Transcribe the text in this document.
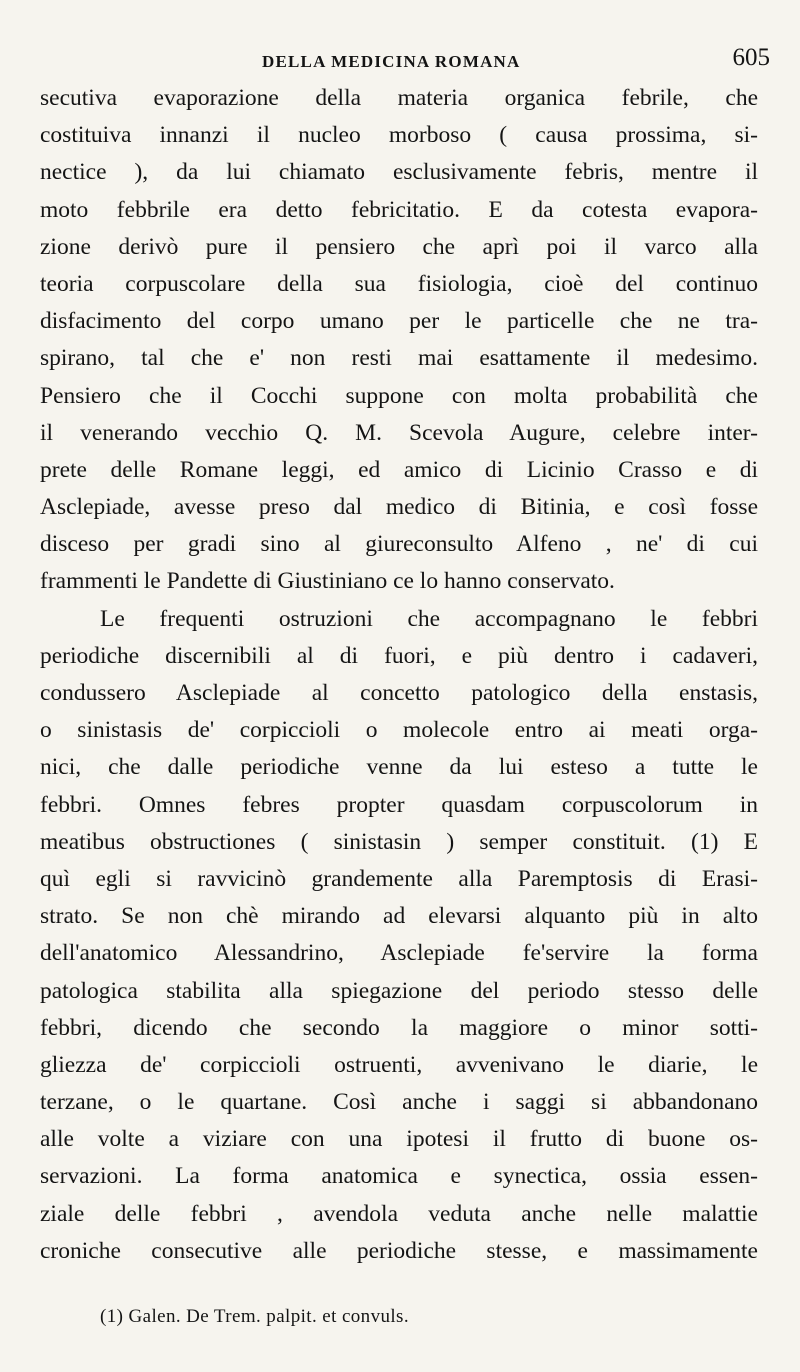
DELLA MEDICINA ROMANA	605
secutiva evaporazione della materia organica febrile, che
costituiva innanzi il nucleo morboso ( causa prossima, si-
nectice ), da lui chiamato esclusivamente febris, mentre il
moto febbrile era detto febricitatio. E da cotesta evapora-
zione derivò pure il pensiero che aprì poi il varco alla
teoria corpuscolare della sua fisiologia, cioè del continuo
disfacimento del corpo umano per le particelle che ne tra-
spirano, tal che e' non resti mai esattamente il medesimo.
Pensiero che il Cocchi suppone con molta probabilità che
il venerando vecchio Q. M. Scevola Augure, celebre inter-
prete delle Romane leggi, ed amico di Licinio Crasso e di
Asclepiade, avesse preso dal medico di Bitinia, e così fosse
disceso per gradi sino al giureconsulto Alfeno , ne' di cui
frammenti le Pandette di Giustiniano ce lo hanno conservato.
Le frequenti ostruzioni che accompagnano le febbri
periodiche discernibili al di fuori, e più dentro i cadaveri,
condussero Asclepiade al concetto patologico della enstasis,
o sinistasis de' corpiccioli o molecole entro ai meati orga-
nici, che dalle periodiche venne da lui esteso a tutte le
febbri. Omnes febres propter quasdam corpuscolorum in
meatibus obstructiones ( sinistasin ) semper constituit. (1) E
quì egli si ravvicinò grandemente alla Paremptosis di Erasi-
strato. Se non chè mirando ad elevarsi alquanto più in alto
dell'anatomico Alessandrino, Asclepiade fe'servire la forma
patologica stabilita alla spiegazione del periodo stesso delle
febbri, dicendo che secondo la maggiore o minor sotti-
gliezza de' corpiccioli ostruenti, avvenivano le diarie, le
terzane, o le quartane. Così anche i saggi si abbandonano
alle volte a viziare con una ipotesi il frutto di buone os-
servazioni. La forma anatomica e synectica, ossia essen-
ziale delle febbri , avendola veduta anche nelle malattie
croniche consecutive alle periodiche stesse, e massimamente
(1) Galen. De Trem. palpit. et convuls.
